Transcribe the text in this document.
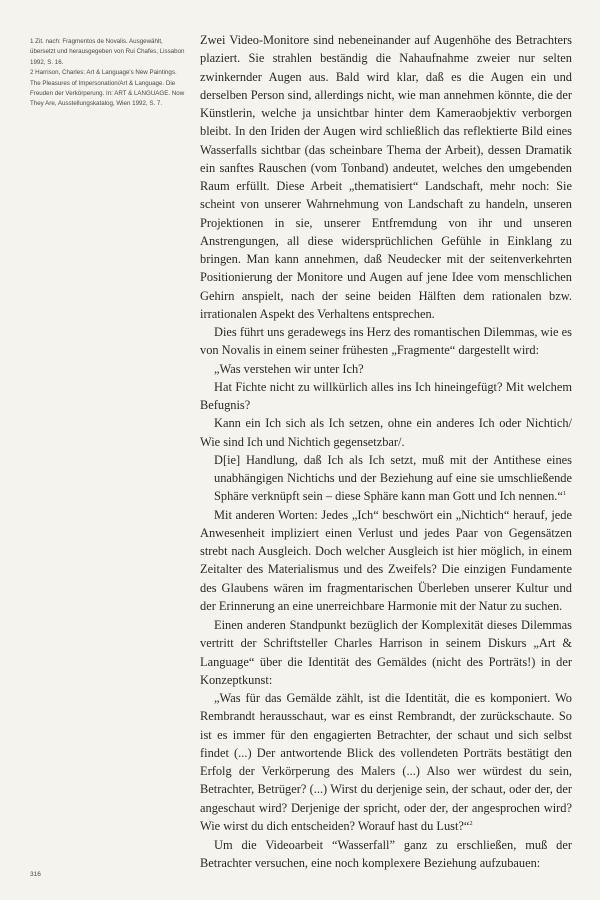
1 Zit. nach: Fragmentos de Novalis. Ausgewählt, übersetzt und herausgegeben von Rui Chafes, Lissabon 1992, S. 16.

2 Harrison, Charles: Art & Language's New Paintings. The Pleasures of Impersonation/Art & Language. Die Freuden der Verkörperung. In: ART & LANGUAGE. Now They Are, Ausstellungskatalog, Wien 1992, S. 7.

Zwei Video-Monitore sind nebeneinander auf Augenhöhe des Betrachters plaziert. Sie strahlen beständig die Nahaufnahme zweier nur selten zwinkernder Augen aus. Bald wird klar, daß es die Augen ein und derselben Person sind, allerdings nicht, wie man annehmen könnte, die der Künstlerin, welche ja unsichtbar hinter dem Kameraobjektiv verborgen bleibt. In den Iriden der Augen wird schließlich das reflektierte Bild eines Wasserfalls sichtbar (das scheinbare Thema der Arbeit), dessen Dramatik ein sanftes Rauschen (vom Tonband) andeutet, welches den umgebenden Raum erfüllt. Diese Arbeit „thematisiert“ Landschaft, mehr noch: Sie scheint von unserer Wahrnehmung von Landschaft zu handeln, unseren Projektionen in sie, unserer Entfremdung von ihr und unseren Anstrengungen, all diese widersprüchlichen Gefühle in Einklang zu bringen. Man kann annehmen, daß Neudecker mit der seitenverkehrten Positionierung der Monitore und Augen auf jene Idee vom menschlichen Gehirn anspielt, nach der seine beiden Hälften dem rationalen bzw. irrationalen Aspekt des Verhaltens entsprechen.

Dies führt uns geradewegs ins Herz des romantischen Dilemmas, wie es von Novalis in einem seiner frühesten „Fragmente“ dargestellt wird:

„Was verstehen wir unter Ich?

Hat Fichte nicht zu willkürlich alles ins Ich hineingefügt? Mit welchem Befugnis?

Kann ein Ich sich als Ich setzen, ohne ein anderes Ich oder Nichtich/ Wie sind Ich und Nichtich gegensetzbar/.

D[ie] Handlung, daß Ich als Ich setzt, muß mit der Antithese eines unabhängigen Nichtichs und der Beziehung auf eine sie umschließende Sphäre verknüpft sein – diese Sphäre kann man Gott und Ich nennen.“$^1$

Mit anderen Worten: Jedes „Ich“ beschwört ein „Nichtich“ herauf, jede Anwesenheit impliziert einen Verlust und jedes Paar von Gegensätzen strebt nach Ausgleich. Doch welcher Ausgleich ist hier möglich, in einem Zeitalter des Materialismus und des Zweifels? Die einzigen Fundamente des Glaubens wären im fragmentarischen Überleben unserer Kultur und der Erinnerung an eine unerreichbare Harmonie mit der Natur zu suchen.

Einen anderen Standpunkt bezüglich der Komplexität dieses Dilemmas vertritt der Schriftsteller Charles Harrison in seinem Diskurs „Art & Language“ über die Identität des Gemäldes (nicht des Porträts!) in der Konzeptkunst:

„Was für das Gemälde zählt, ist die Identität, die es komponiert. Wo Rembrandt herausschaut, war es einst Rembrandt, der zurückschaute. So ist es immer für den engagierten Betrachter, der schaut und sich selbst findet (...) Der antwortende Blick des vollendeten Porträts bestätigt den Erfolg der Verkörperung des Malers (...) Also wer würdest du sein, Betrachter, Betrüger? (...) Wirst du derjenige sein, der schaut, oder der, der angeschaut wird? Derjenige der spricht, oder der, der angesprochen wird? Wie wirst du dich entscheiden? Worauf hast du Lust?“$^2$

Um die Videoarbeit “Wasserfall” ganz zu erschließen, muß der Betrachter versuchen, eine noch komplexere Beziehung aufzubauen:

316
